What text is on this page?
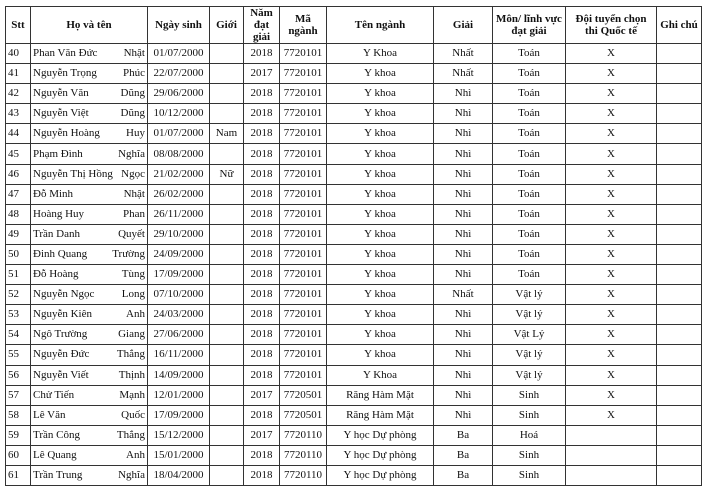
Stt	Họ và tên	Ngày sinh	Giới	Năm đạt giải	Mã ngành	Tên ngành	Giải	Môn/ lĩnh vực đạt giải	Đội tuyển chọn thi Quốc tế	Ghi chú
40	Phan Văn Đức Nhật	01/07/2000		2018	7720101	Y Khoa	Nhất	Toán	X	
41	Nguyễn Trọng Phúc	22/07/2000		2017	7720101	Y khoa	Nhất	Toán	X	
42	Nguyễn Văn Dũng	29/06/2000		2018	7720101	Y khoa	Nhì	Toán	X	
43	Nguyễn Việt Dũng	10/12/2000		2018	7720101	Y khoa	Nhì	Toán	X	
44	Nguyễn Hoàng Huy	01/07/2000	Nam	2018	7720101	Y khoa	Nhì	Toán	X	
45	Phạm Đình Nghĩa	08/08/2000		2018	7720101	Y khoa	Nhì	Toán	X	
46	Nguyễn Thị Hồng Ngọc	21/02/2000	Nữ	2018	7720101	Y khoa	Nhì	Toán	X	
47	Đỗ Minh Nhật	26/02/2000		2018	7720101	Y khoa	Nhì	Toán	X	
48	Hoàng Huy Phan	26/11/2000		2018	7720101	Y khoa	Nhì	Toán	X	
49	Trần Danh Quyết	29/10/2000		2018	7720101	Y khoa	Nhì	Toán	X	
50	Đinh Quang Trường	24/09/2000		2018	7720101	Y khoa	Nhì	Toán	X	
51	Đỗ Hoàng Tùng	17/09/2000		2018	7720101	Y khoa	Nhì	Toán	X	
52	Nguyễn Ngọc Long	07/10/2000		2018	7720101	Y khoa	Nhất	Vật lý	X	
53	Nguyễn Kiên Anh	24/03/2000		2018	7720101	Y khoa	Nhì	Vật lý	X	
54	Ngô Trường Giang	27/06/2000		2018	7720101	Y khoa	Nhì	Vật Lý	X	
55	Nguyễn Đức Thắng	16/11/2000		2018	7720101	Y khoa	Nhì	Vật lý	X	
56	Nguyễn Viết Thịnh	14/09/2000		2018	7720101	Y Khoa	Nhì	Vật lý	X	
57	Chử Tiến Mạnh	12/01/2000		2017	7720501	Răng Hàm Mặt	Nhì	Sinh	X	
58	Lê Văn Quốc	17/09/2000		2018	7720501	Răng Hàm Mặt	Nhì	Sinh	X	
59	Trần Công Thắng	15/12/2000		2017	7720110	Y học Dự phòng	Ba	Hoá		
60	Lê Quang Anh	15/01/2000		2018	7720110	Y học Dự phòng	Ba	Sinh		
61	Trần Trung Nghĩa	18/04/2000		2018	7720110	Y học Dự phòng	Ba	Sinh		
